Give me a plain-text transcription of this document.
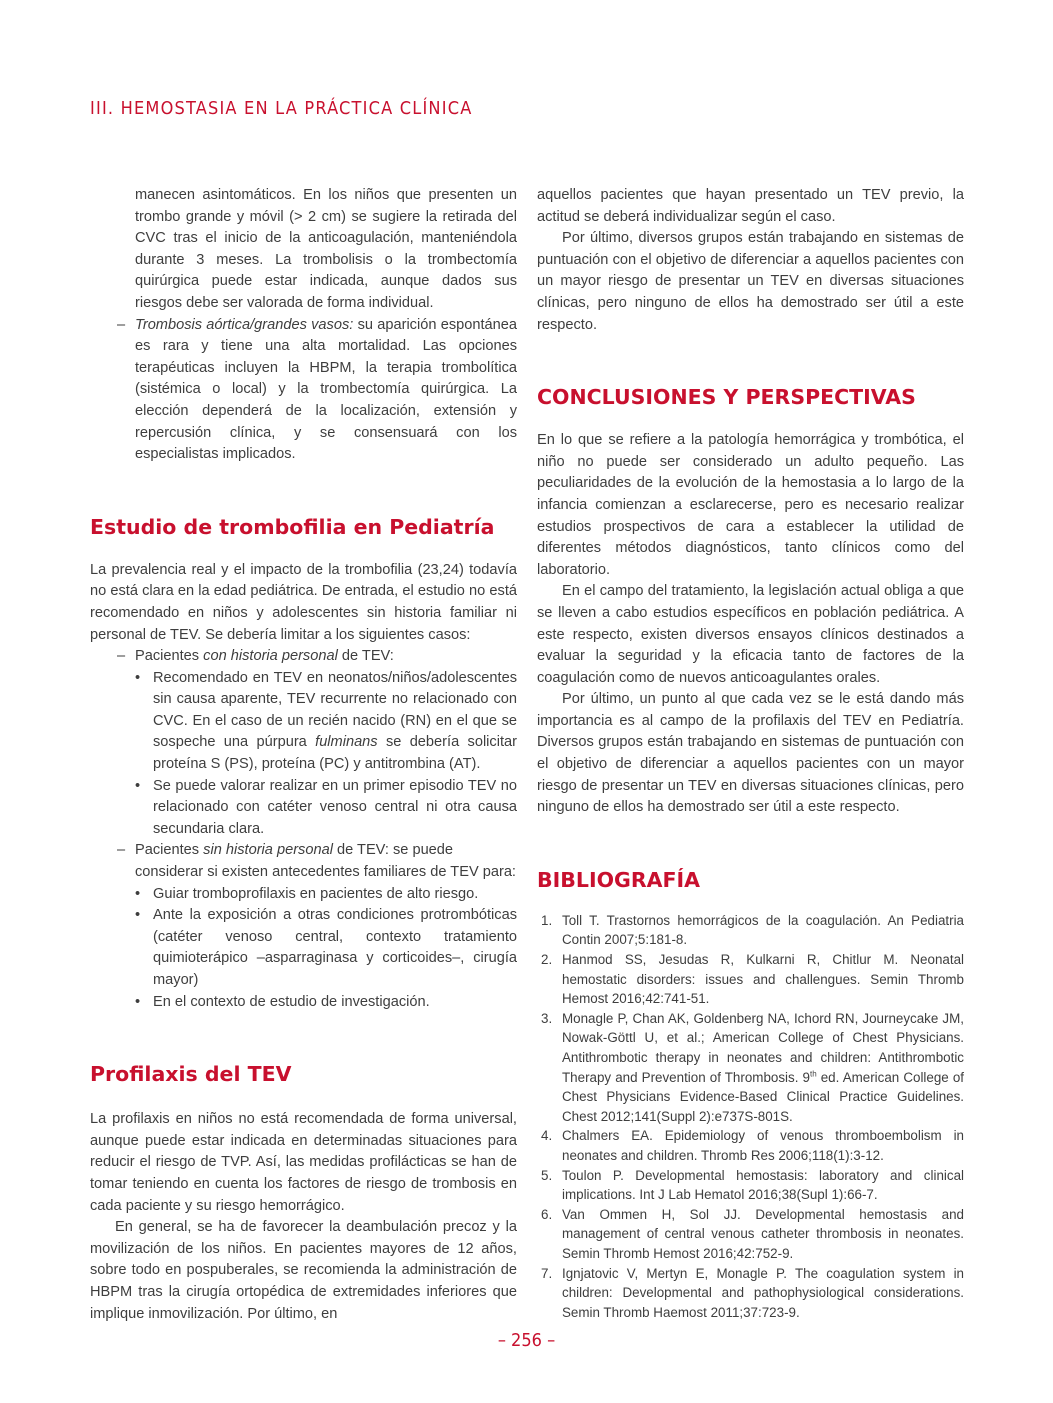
III. HEMOSTASIA EN LA PRÁCTICA CLÍNICA

manecen asintomáticos. En los niños que presenten un trombo grande y móvil (> 2 cm) se sugiere la retirada del CVC tras el inicio de la anticoagulación, manteniéndola durante 3 meses. La trombolisis o la trombectomía quirúrgica puede estar indicada, aunque dados sus riesgos debe ser valorada de forma individual.

– Trombosis aórtica/grandes vasos: su aparición espontánea es rara y tiene una alta mortalidad. Las opciones terapéuticas incluyen la HBPM, la terapia trombolítica (sistémica o local) y la trombectomía quirúrgica. La elección dependerá de la localización, extensión y repercusión clínica, y se consensuará con los especialistas implicados.
Estudio de trombofilia en Pediatría

La prevalencia real y el impacto de la trombofilia (23,24) todavía no está clara en la edad pediátrica. De entrada, el estudio no está recomendado en niños y adolescentes sin historia familiar ni personal de TEV. Se debería limitar a los siguientes casos:

– Pacientes con historia personal de TEV:
• Recomendado en TEV en neonatos/niños/adolescentes sin causa aparente, TEV recurrente no relacionado con CVC. En el caso de un recién nacido (RN) en el que se sospeche una púrpura fulminans se debería solicitar proteína S (PS), proteína (PC) y antitrombina (AT).
• Se puede valorar realizar en un primer episodio TEV no relacionado con catéter venoso central ni otra causa secundaria clara.
– Pacientes sin historia personal de TEV: se puede considerar si existen antecedentes familiares de TEV para:
• Guiar tromboprofilaxis en pacientes de alto riesgo.
• Ante la exposición a otras condiciones protrombóticas (catéter venoso central, contexto tratamiento quimioterápico –asparraginasa y corticoides–, cirugía mayor)
• En el contexto de estudio de investigación.
Profilaxis del TEV

La profilaxis en niños no está recomendada de forma universal, aunque puede estar indicada en determinadas situaciones para reducir el riesgo de TVP. Así, las medidas profilácticas se han de tomar teniendo en cuenta los factores de riesgo de trombosis en cada paciente y su riesgo hemorrágico.

En general, se ha de favorecer la deambulación precoz y la movilización de los niños. En pacientes mayores de 12 años, sobre todo en pospuberales, se recomienda la administración de HBPM tras la cirugía ortopédica de extremidades inferiores que implique inmovilización. Por último, en

aquellos pacientes que hayan presentado un TEV previo, la actitud se deberá individualizar según el caso.

Por último, diversos grupos están trabajando en sistemas de puntuación con el objetivo de diferenciar a aquellos pacientes con un mayor riesgo de presentar un TEV en diversas situaciones clínicas, pero ninguno de ellos ha demostrado ser útil a este respecto.

CONCLUSIONES Y PERSPECTIVAS

En lo que se refiere a la patología hemorrágica y trombótica, el niño no puede ser considerado un adulto pequeño. Las peculiaridades de la evolución de la hemostasia a lo largo de la infancia comienzan a esclarecerse, pero es necesario realizar estudios prospectivos de cara a establecer la utilidad de diferentes métodos diagnósticos, tanto clínicos como del laboratorio.

En el campo del tratamiento, la legislación actual obliga a que se lleven a cabo estudios específicos en población pediátrica. A este respecto, existen diversos ensayos clínicos destinados a evaluar la seguridad y la eficacia tanto de factores de la coagulación como de nuevos anticoagulantes orales.

Por último, un punto al que cada vez se le está dando más importancia es al campo de la profilaxis del TEV en Pediatría. Diversos grupos están trabajando en sistemas de puntuación con el objetivo de diferenciar a aquellos pacientes con un mayor riesgo de presentar un TEV en diversas situaciones clínicas, pero ninguno de ellos ha demostrado ser útil a este respecto.

BIBLIOGRAFÍA
1. Toll T. Trastornos hemorrágicos de la coagulación. An Pediatria Contin 2007;5:181-8.
2. Hanmod SS, Jesudas R, Kulkarni R, Chitlur M. Neonatal hemostatic disorders: issues and challengues. Semin Thromb Hemost 2016;42:741-51.
3. Monagle P, Chan AK, Goldenberg NA, Ichord RN, Journeycake JM, Nowak-Göttl U, et al.; American College of Chest Physicians. Antithrombotic therapy in neonates and children: Antithrombotic Therapy and Prevention of Thrombosis. 9th ed. American College of Chest Physicians Evidence-Based Clinical Practice Guidelines. Chest 2012;141(Suppl 2):e737S-801S.
4. Chalmers EA. Epidemiology of venous thromboembolism in neonates and children. Thromb Res 2006;118(1):3-12.
5. Toulon P. Developmental hemostasis: laboratory and clinical implications. Int J Lab Hematol 2016;38(Supl 1):66-7.
6. Van Ommen H, Sol JJ. Developmental hemostasis and management of central venous catheter thrombosis in neonates. Semin Thromb Hemost 2016;42:752-9.
7. Ignjatovic V, Mertyn E, Monagle P. The coagulation system in children: Developmental and pathophysiological considerations. Semin Thromb Haemost 2011;37:723-9.
– 256 –
